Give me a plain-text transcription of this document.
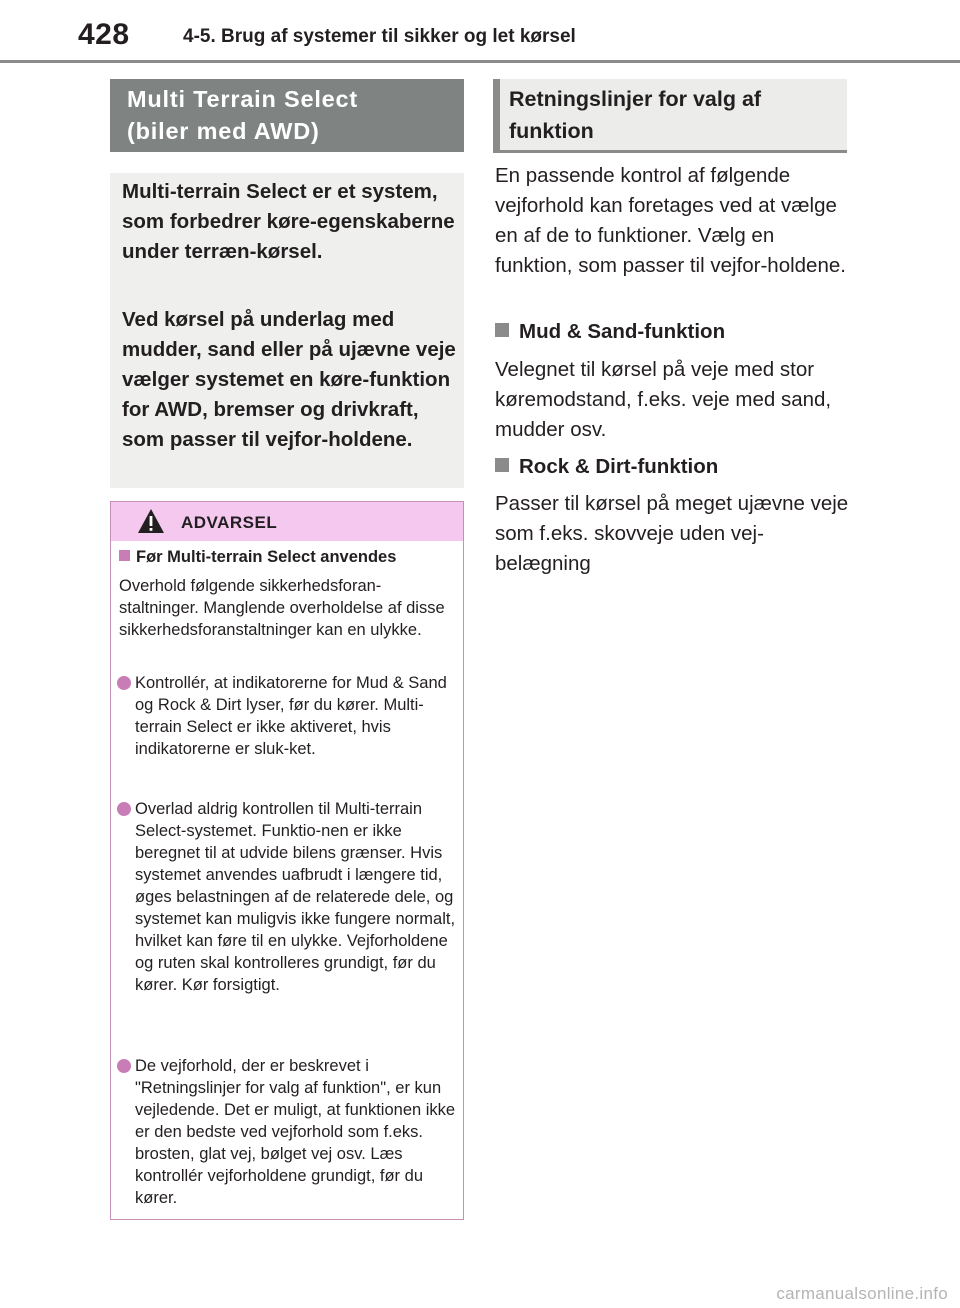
428	4-5. Brug af systemer til sikker og let kørsel
Multi Terrain Select
(biler med AWD)

Multi-terrain Select er et system, som forbedrer køre-egenskaberne under terræn-kørsel.

Ved kørsel på underlag med mudder, sand eller på ujævne veje vælger systemet en køre-funktion for AWD, bremser og drivkraft, som passer til vejfor-holdene.

ADVARSEL
Før Multi-terrain Select anvendes
Overhold følgende sikkerhedsforan-staltninger. Manglende overholdelse af disse sikkerhedsforanstaltninger kan en ulykke.
Kontrollér, at indikatorerne for Mud & Sand og Rock & Dirt lyser, før du kører. Multi-terrain Select er ikke aktiveret, hvis indikatorerne er sluk-ket.
Overlad aldrig kontrollen til Multi-terrain Select-systemet. Funktio-nen er ikke beregnet til at udvide bilens grænser. Hvis systemet anvendes uafbrudt i længere tid, øges belastningen af de relaterede dele, og systemet kan muligvis ikke fungere normalt, hvilket kan føre til en ulykke. Vejforholdene og ruten skal kontrolleres grundigt, før du kører. Kør forsigtigt.
De vejforhold, der er beskrevet i "Retningslinjer for valg af funktion", er kun vejledende. Det er muligt, at funktionen ikke er den bedste ved vejforhold som f.eks. brosten, glat vej, bølget vej osv. Læs kontrollér vejforholdene grundigt, før du kører.
Retningslinjer for valg af
funktion
En passende kontrol af følgende vejforhold kan foretages ved at vælge en af de to funktioner. Vælg en funktion, som passer til vejfor-holdene.
Mud & Sand-funktion
Velegnet til kørsel på veje med stor køremodstand, f.eks. veje med sand, mudder osv.
Rock & Dirt-funktion
Passer til kørsel på meget ujævne veje som f.eks. skovveje uden vej-belægning
carmanualsonline.info
